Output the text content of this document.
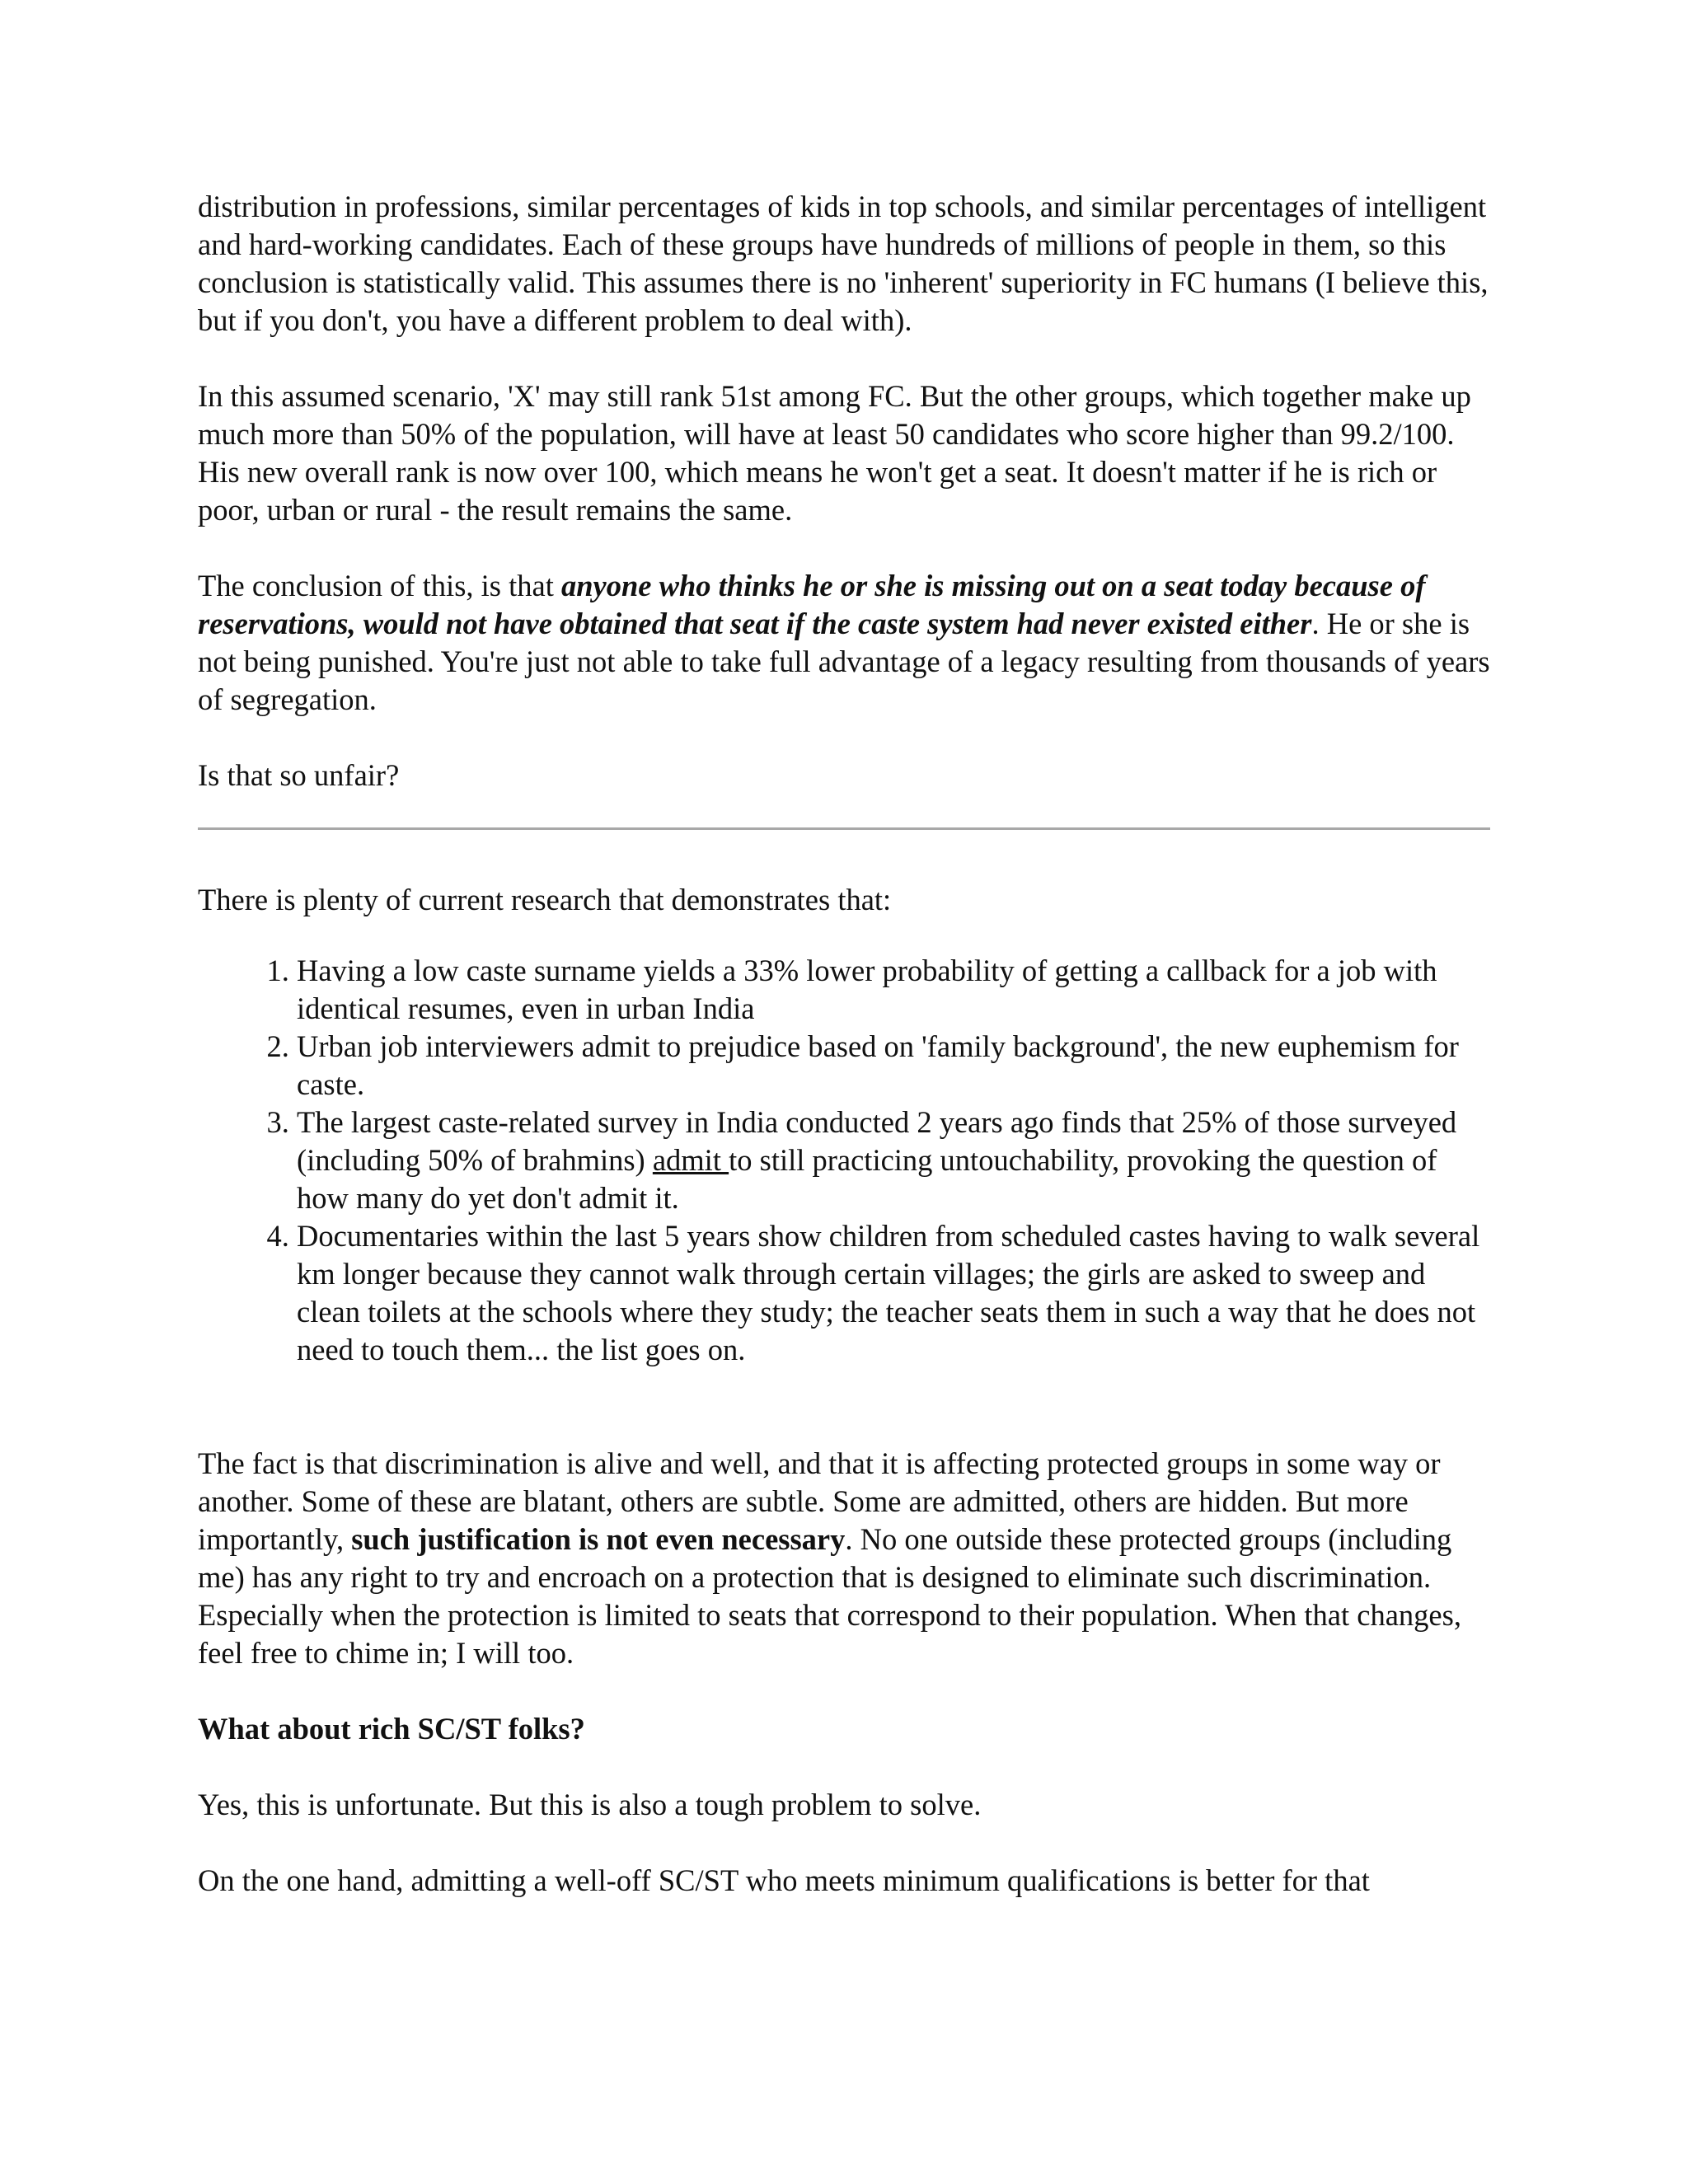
distribution in professions, similar percentages of kids in top schools, and similar percentages of intelligent and hard-working candidates. Each of these groups have hundreds of millions of people in them, so this conclusion is statistically valid. This assumes there is no 'inherent' superiority in FC humans (I believe this, but if you don't, you have a different problem to deal with).

In this assumed scenario, 'X' may still rank 51st among FC. But the other groups, which together make up much more than 50% of the population, will have at least 50 candidates who score higher than 99.2/100. His new overall rank is now over 100, which means he won't get a seat. It doesn't matter if he is rich or poor, urban or rural - the result remains the same.

The conclusion of this, is that anyone who thinks he or she is missing out on a seat today because of reservations, would not have obtained that seat if the caste system had never existed either. He or she is not being punished. You're just not able to take full advantage of a legacy resulting from thousands of years of segregation.

Is that so unfair?

There is plenty of current research that demonstrates that:

1. Having a low caste surname yields a 33% lower probability of getting a callback for a job with identical resumes, even in urban India
2. Urban job interviewers admit to prejudice based on 'family background', the new euphemism for caste.
3. The largest caste-related survey in India conducted 2 years ago finds that 25% of those surveyed (including 50% of brahmins) admit to still practicing untouchability, provoking the question of how many do yet don't admit it.
4. Documentaries within the last 5 years show children from scheduled castes having to walk several km longer because they cannot walk through certain villages; the girls are asked to sweep and clean toilets at the schools where they study; the teacher seats them in such a way that he does not need to touch them... the list goes on.

The fact is that discrimination is alive and well, and that it is affecting protected groups in some way or another. Some of these are blatant, others are subtle. Some are admitted, others are hidden. But more importantly, such justification is not even necessary. No one outside these protected groups (including me) has any right to try and encroach on a protection that is designed to eliminate such discrimination. Especially when the protection is limited to seats that correspond to their population. When that changes, feel free to chime in; I will too.

What about rich SC/ST folks?

Yes, this is unfortunate. But this is also a tough problem to solve.

On the one hand, admitting a well-off SC/ST who meets minimum qualifications is better for that
